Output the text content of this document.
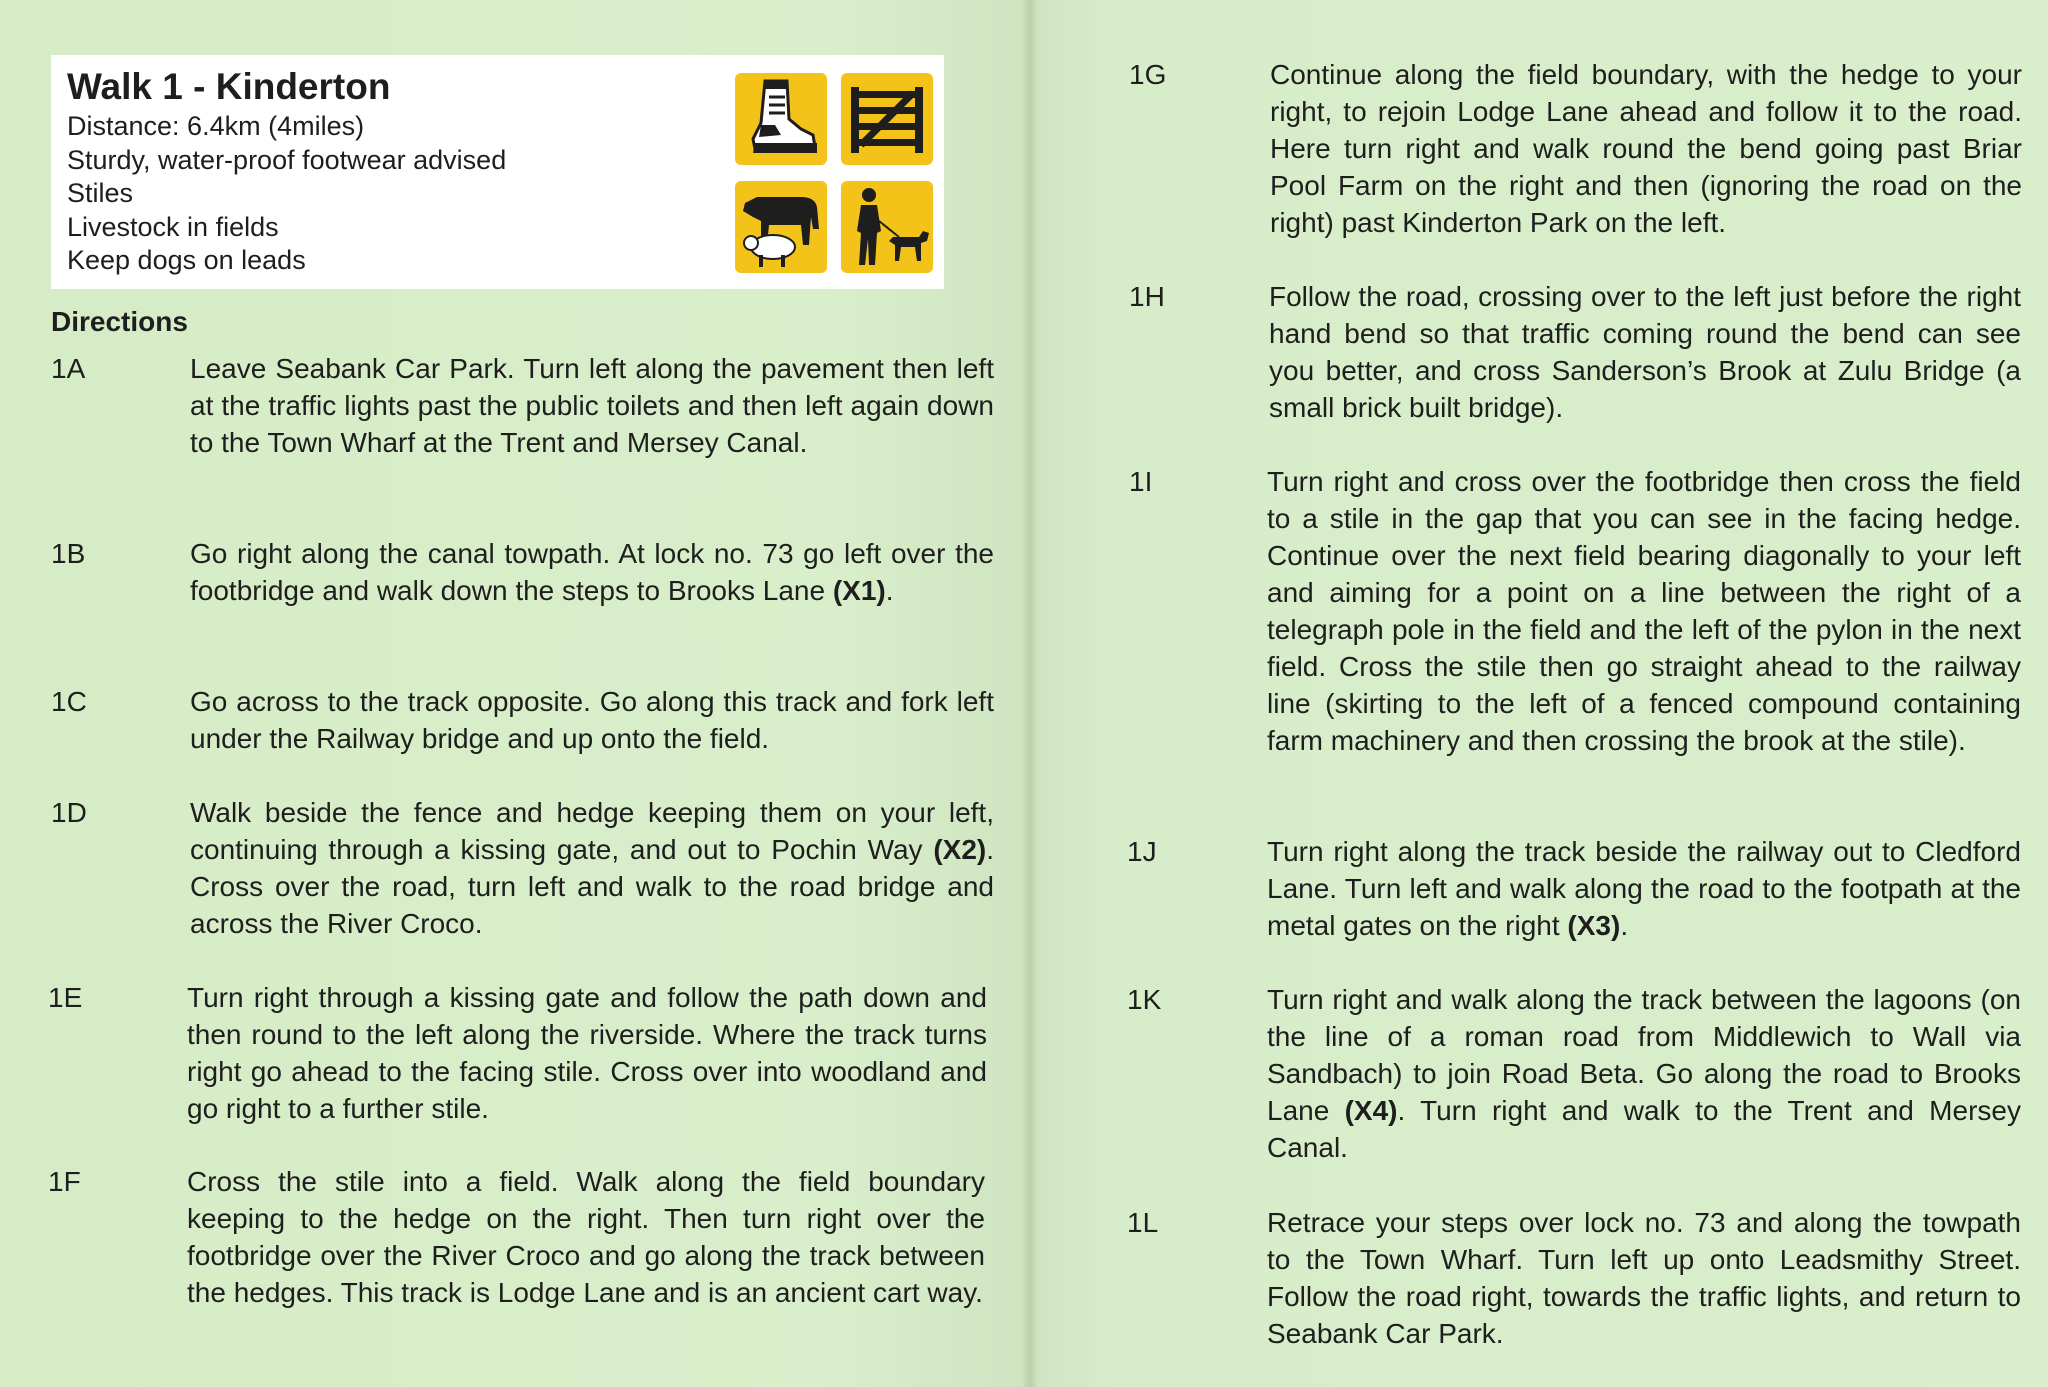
Walk 1 - Kinderton
Distance: 6.4km (4miles)
Sturdy, water-proof footwear advised
Stiles
Livestock in fields
Keep dogs on leads
Directions
1A	Leave Seabank Car Park. Turn left along the pavement then left at the traffic lights past the public toilets and then left again down to the Town Wharf at the Trent and Mersey Canal.
1B	Go right along the canal towpath. At lock no. 73 go left over the footbridge and walk down the steps to Brooks Lane (X1).
1C	Go across to the track opposite. Go along this track and fork left under the Railway bridge and up onto the field.
1D	Walk beside the fence and hedge keeping them on your left, continuing through a kissing gate, and out to Pochin Way (X2). Cross over the road, turn left and walk to the road bridge and across the River Croco.
1E	Turn right through a kissing gate and follow the path down and then round to the left along the riverside. Where the track turns right go ahead to the facing stile. Cross over into woodland and go right to a further stile.
1F	Cross the stile into a field. Walk along the field boundary keeping to the hedge on the right. Then turn right over the footbridge over the River Croco and go along the track between the hedges. This track is Lodge Lane and is an ancient cart way.
1G	Continue along the field boundary, with the hedge to your right, to rejoin Lodge Lane ahead and follow it to the road. Here turn right and walk round the bend going past Briar Pool Farm on the right and then (ignoring the road on the right) past Kinderton Park on the left.
1H	Follow the road, crossing over to the left just before the right hand bend so that traffic coming round the bend can see you better, and cross Sanderson’s Brook at Zulu Bridge (a small brick built bridge).
1I	Turn right and cross over the footbridge then cross the field to a stile in the gap that you can see in the facing hedge. Continue over the next field bearing diagonally to your left and aiming for a point on a line between the right of a telegraph pole in the field and the left of the pylon in the next field. Cross the stile then go straight ahead to the railway line (skirting to the left of a fenced compound containing farm machinery and then crossing the brook at the stile).
1J	Turn right along the track beside the railway out to Cledford Lane. Turn left and walk along the road to the footpath at the metal gates on the right (X3).
1K	Turn right and walk along the track between the lagoons (on the line of a roman road from Middlewich to Wall via Sandbach) to join Road Beta. Go along the road to Brooks Lane (X4). Turn right and walk to the Trent and Mersey Canal.
1L	Retrace your steps over lock no. 73 and along the towpath to the Town Wharf. Turn left up onto Leadsmithy Street. Follow the road right, towards the traffic lights, and return to Seabank Car Park.
